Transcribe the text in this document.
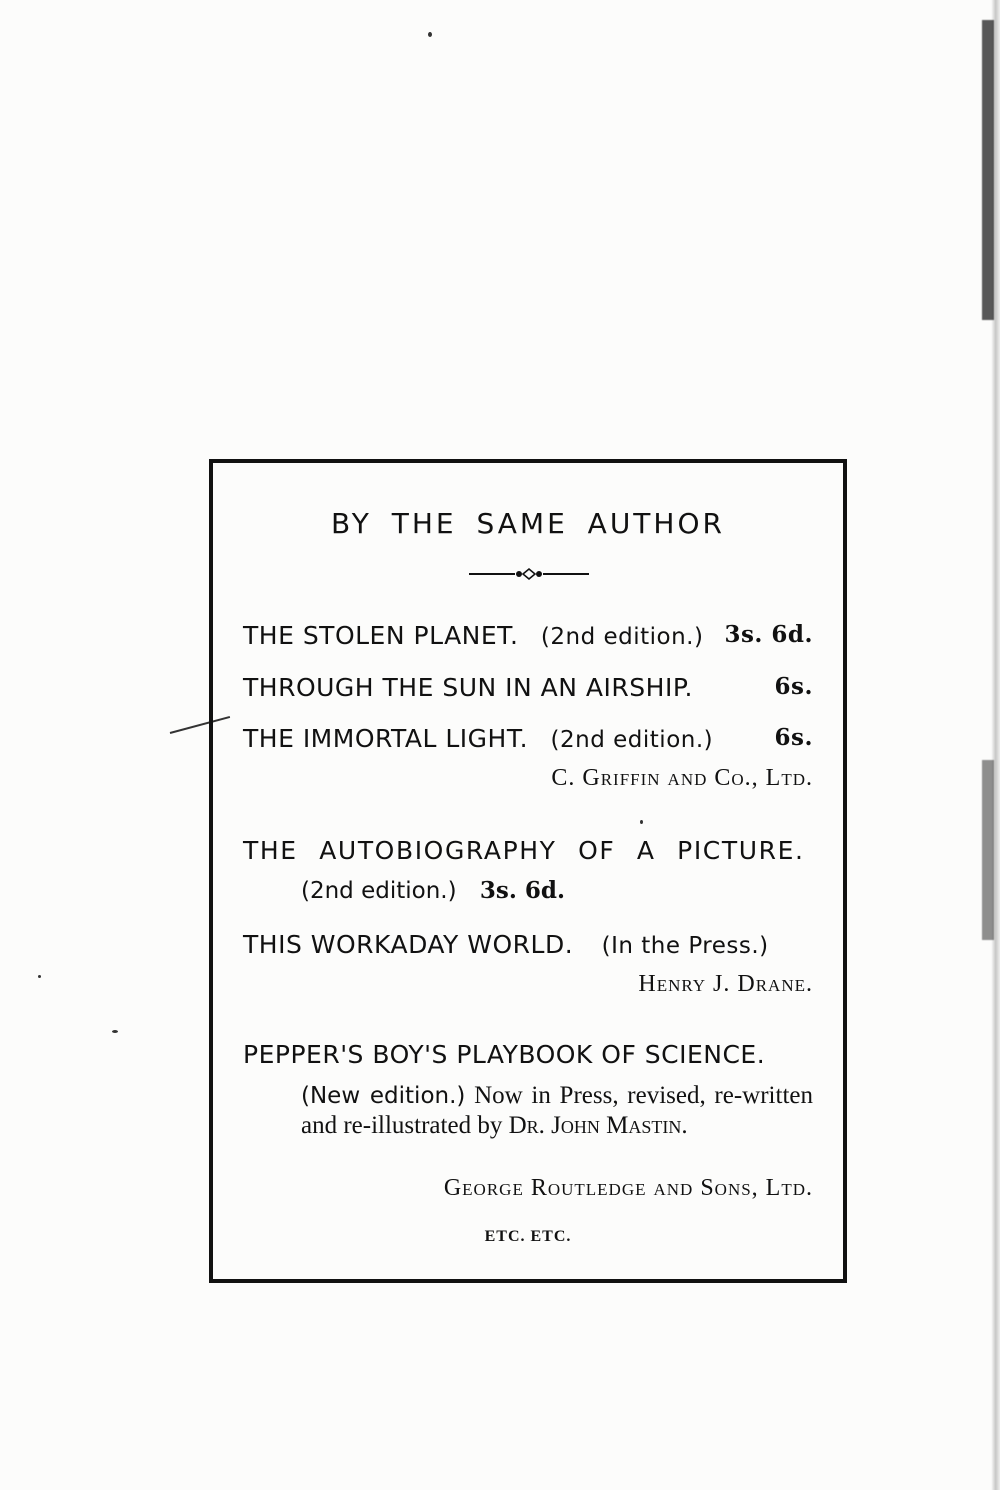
BY THE SAME AUTHOR
THE STOLEN PLANET. (2nd edition.) 3s. 6d.
THROUGH THE SUN IN AN AIRSHIP.	6s.
THE IMMORTAL LIGHT. (2nd edition.)	6s.
C. Griffin and Co., Ltd.
THE AUTOBIOGRAPHY OF A PICTURE.
(2nd edition.) 3s. 6d.
THIS WORKADAY WORLD. (In the Press.)
Henry J. Drane.
PEPPER'S BOY'S PLAYBOOK OF SCIENCE.
(New edition.) Now in Press, revised, re-written and re-illustrated by Dr. John Mastin.
George Routledge and Sons, Ltd.
ETC. ETC.
